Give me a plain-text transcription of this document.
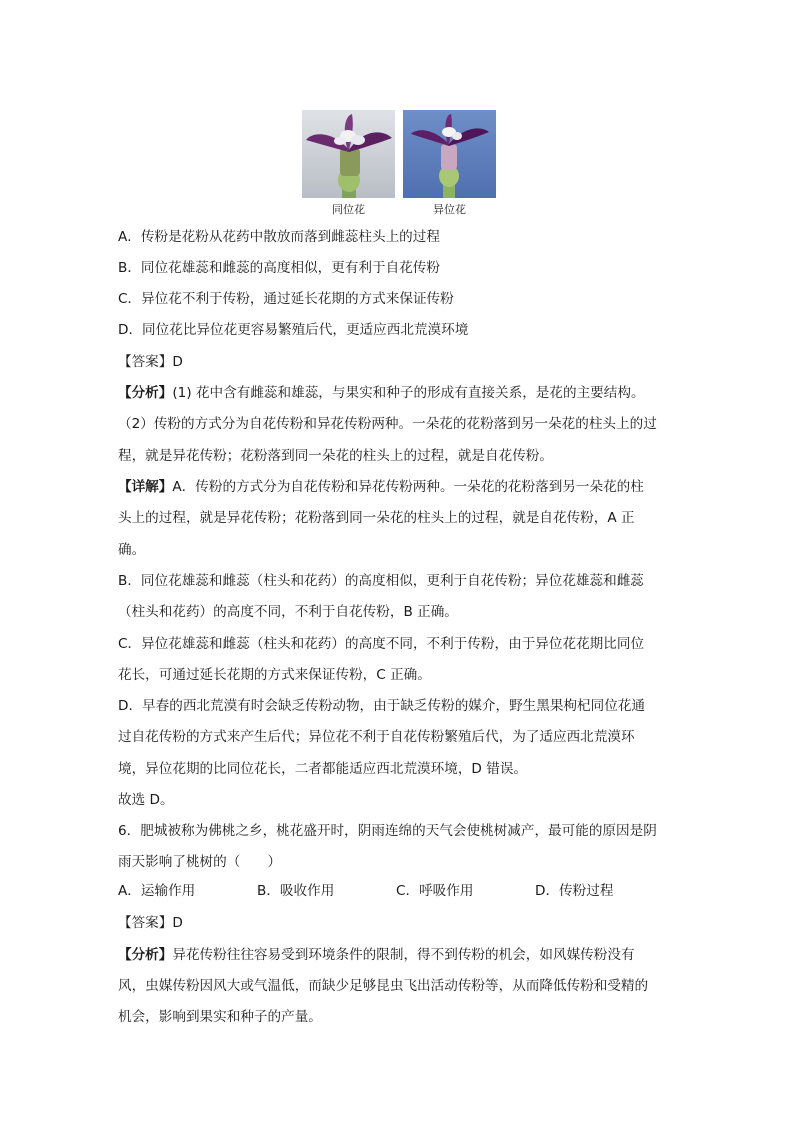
同位花	异位花
A．传粉是花粉从花药中散放而落到雌蕊柱头上的过程
B．同位花雄蕊和雌蕊的高度相似，更有利于自花传粉
C．异位花不利于传粉，通过延长花期的方式来保证传粉
D．同位花比异位花更容易繁殖后代，更适应西北荒漠环境
【答案】D
【分析】(1) 花中含有雌蕊和雄蕊，与果实和种子的形成有直接关系，是花的主要结构。
（2）传粉的方式分为自花传粉和异花传粉两种。一朵花的花粉落到另一朵花的柱头上的过
程，就是异花传粉；花粉落到同一朵花的柱头上的过程，就是自花传粉。
【详解】A．传粉的方式分为自花传粉和异花传粉两种。一朵花的花粉落到另一朵花的柱
头上的过程，就是异花传粉；花粉落到同一朵花的柱头上的过程，就是自花传粉，A 正
确。
B．同位花雄蕊和雌蕊（柱头和花药）的高度相似，更利于自花传粉；异位花雄蕊和雌蕊
（柱头和花药）的高度不同，不利于自花传粉，B 正确。
C．异位花雄蕊和雌蕊（柱头和花药）的高度不同，不利于传粉，由于异位花花期比同位
花长，可通过延长花期的方式来保证传粉，C 正确。
D．早春的西北荒漠有时会缺乏传粉动物，由于缺乏传粉的媒介，野生黑果枸杞同位花通
过自花传粉的方式来产生后代；异位花不利于自花传粉繁殖后代，为了适应西北荒漠环
境，异位花期的比同位花长，二者都能适应西北荒漠环境，D 错误。
故选 D。
6．肥城被称为佛桃之乡，桃花盛开时，阴雨连绵的天气会使桃树减产，最可能的原因是阴
雨天影响了桃树的（　　）
A．运输作用	B．吸收作用	C．呼吸作用	D．传粉过程
【答案】D
【分析】异花传粉往往容易受到环境条件的限制，得不到传粉的机会，如风媒传粉没有
风，虫媒传粉因风大或气温低，而缺少足够昆虫飞出活动传粉等，从而降低传粉和受精的
机会，影响到果实和种子的产量。
